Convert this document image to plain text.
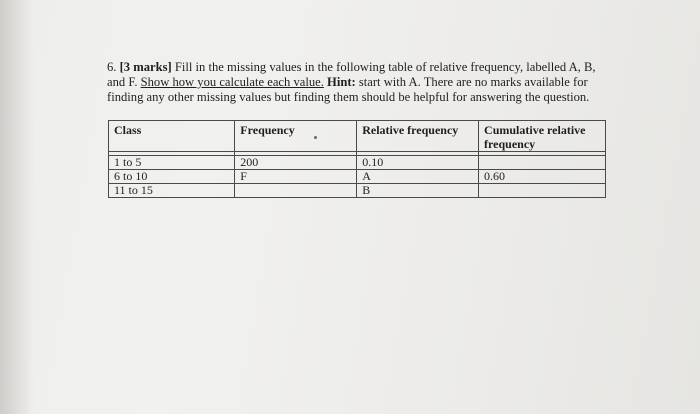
6. [3 marks] Fill in the missing values in the following table of relative frequency, labelled A, B, and F. Show how you calculate each value. Hint: start with A. There are no marks available for finding any other missing values but finding them should be helpful for answering the question.
Class	Frequency	Relative frequency	Cumulative relative frequency

1 to 5	200	0.10	
6 to 10	F	A	0.60
11 to 15		B	
